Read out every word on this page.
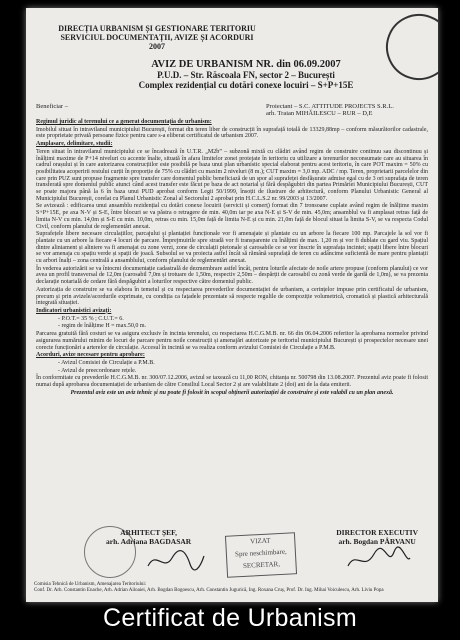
DIRECȚIA URBANISM ȘI GESTIONARE TERITORIU
SERVICIUL DOCUMENTAȚII, AVIZE ȘI ACORDURI
2007
AVIZ DE URBANISM NR. din 06.09.2007
P.U.D. – Str. Răscoala FN, sector 2 – București
Complex rezidențial cu dotări conexe locuiri – S+P+15E
Beneficiar –	Proiectant – S.C. ATTITUDE PROJECTS S.R.L.
arh. Traian MIHĂILESCU – RUR – D,E

Regimul juridic al terenului ce a generat documentația de urbanism:

Imobilul situat în intravilanul municipiului București, format din teren liber de construcții în suprafață totală de 13329,88mp – conform măsurătorilor cadastrale, este proprietate privată persoane fizice pentru care s-a eliberat certificatul de urbanism 2007.

Amplasare, delimitare, studii:

Teren situat în intravilanul municipiului ce se încadrează în U.T.R. „M2b” – subzonă mixtă cu clădiri având regim de construire continuu sau discontinuu și înălțimi maxime de P+14 niveluri cu accente înalte, situată în afara limitelor zonei protejate în teritoriu cu utilizare a terenurilor neconsumate care au situarea în cadrul orașului și în care autorizarea construcțiilor este posibilă pe baza unui plan urbanistic special elaborat pentru acest teritoriu, în care POT maxim = 50% cu posibilitatea acoperirii restului curții în proporție de 75% cu clădiri cu maxim 2 niveluri (8 m.); CUT maxim = 3,0 mp. ADC / mp. Teren, proprietarii parcelelor din care prin PUZ sunt propuse fragmente spre transfer care domeniul public beneficiază de un spor al suprafeței desfășurate admise egal cu de 3 ori suprafața de teren transferată spre domeniul public atunci când acest transfer este făcut pe baza de act notarial și fără despăgubiri din partea Primăriei Municipiului București, CUT se poate majora până la 6 în baza unui PUD aprobat conform Legii 50/1999, însoțit de ilustrare de arhitectură, conform Planului Urbanistic General al Municipiului București, corelat cu Planul Urbanistic Zonal al Sectorului 2 aprobat prin H.C.L.S.2 nr. 99/2003 și 13/2007.

Se avizează : edificarea unui ansamblu rezidențial cu dotări conexe locuirii (servicii și comerț) format din 7 tronsoane cuplate având regim de înălțime maxim S+P+15E, pe axa N-V și S-E, între blocuri se va păstra o retragere de min. 40,0m iar pe axa N-E și S-V de min. 45,0m; ansamblul va fi amplasat retras față de limita N-V cu min. 14,0m și S-E cu min. 10,0m, retras cu min. 15,0m față de limita N-E și cu min. 21,0m față de blocul situat la limita S-V, se va respecta Codul Civil, conform planului de reglementări anexat.

Suprafețele libere necesare circulațiilor, parcajului și plantației funcționale vor fi amenajate și plantate cu un arbore la fiecare 100 mp. Parcajele la sol vor fi plantate cu un arbore la fiecare 4 locuri de parcare. Împrejmuirile spre stradă vor fi transparente cu înălțimi de max. 1,20 m și vor fi dublate cu gard viu. Spațiul dintre aliniament și aliniere va fi amenajat cu zone verzi, zone de circulații pietonale și carosabile ce se vor înscrie în suprafața incintei; spații libere între blocuri se vor amenaja cu spațiu verde și spații de joacă. Subsolul se va proiecta astfel încât să rămână suprafață de teren cu adâncime suficientă de mare pentru plantații cu arbori înalți – zona centrală a ansamblului, conform planului de reglementări anexat.

În vederea autorizării se va întocmi documentație cadastrală de dezmembrare astfel încât, pentru loturile afectate de noile artere propuse (conform planului) ce vor avea un profil transversal de 12,0m (carosabil 7,0m și trotuare de 1,50m, respectiv 2,50m – despărțit de carosabil cu zonă verde de gardă de 1,0m), se va prezenta declarație notarială de cedare fără despăgubiri a loturilor respective către domeniul public.

Autorizația de construire se va elabora în temeiul și cu respectarea prevederilor documentației de urbanism, a cerințelor impuse prin certificatul de urbanism, precum și prin avizele/acordurile exprimate, cu condiția ca fațadele prezentate să respecte regulile de compoziție volumetrică, cromatică și plastică arhitecturală integrată situației.

Indicatori urbanistici avizați:

- P.O.T.= 35 % ; C.U.T.= 6.

- regim de înălțime H = max.50,0 m.

Parcarea gratuită fără costuri se va asigura exclusiv în incinta terenului, cu respectarea H.C.G.M.B. nr. 66 din 06.04.2006 referitor la aprobarea normelor privind asigurarea numărului minim de locuri de parcare pentru noile construcții și amenajări autorizate pe teritoriul municipiului București și prospectelor necesare unei corecte funcționări a arterelor de circulație. Accesul în incintă se va realiza conform avizului Comisiei de Circulație a P.M.B.

Acorduri, avize necesare pentru aprobare:

- Avizul Comisiei de Circulație a P.M.B.

- Avizul de preecordonare rețele.

În conformitate cu prevederile H.C.G.M.B. nr. 300/07.12.2006, avizul se taxează cu 11,00 RON, chitanța nr. 500798 din 13.08.2007. Prezentul aviz poate fi folosit numai după aprobarea documentației de urbanism de către Consiliul Local Sector 2 și are valabilitate 2 (doi) ani de la data emiterii.

Prezentul aviz este un aviz tehnic și nu poate fi folosit în scopul obținerii autorizației de construire și este valabil cu un plan anexă.

ARHITECT ȘEF,
arh. Adriana BAGDASAR	VIZAT
Spre neschimbare,
SECRETAR,
DIRECTOR EXECUTIV
arh. Bogdan PÂRVANU
Comisia Tehnică de Urbanism, Amenajarea Teritoriului:
Conf. Dr. Arh. Constantin Enache, Arh. Adrian Ailoaiei, Arh. Bogdan Bogoescu, Arh. Constantin Jugurică, Ing. Roxana Cruș, Prof. Dr. Ing. Mihai Voiculescu, Arh. Liviu Popa
Certificat de Urbanism
